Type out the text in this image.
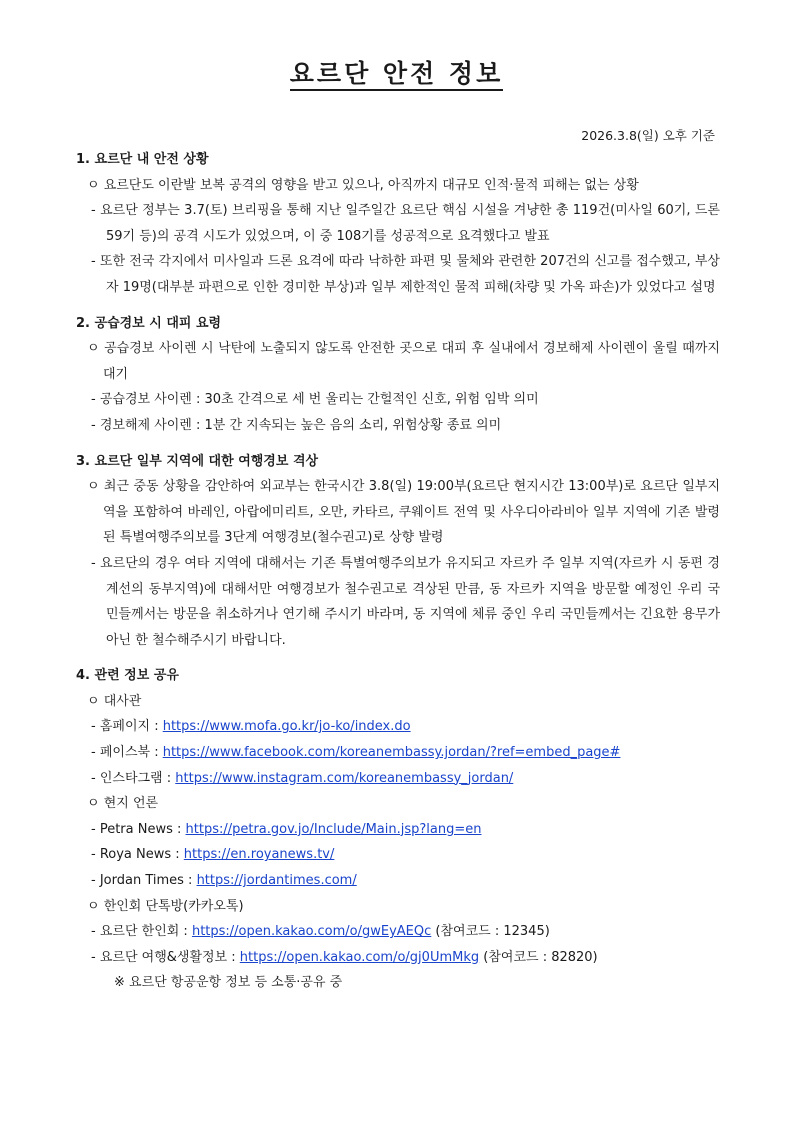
요르단 안전 정보
2026.3.8(일) 오후 기준
1. 요르단 내 안전 상황
ㅇ 요르단도 이란발 보복 공격의 영향을 받고 있으나, 아직까지 대규모 인적·물적 피해는 없는 상황
- 요르단 정부는 3.7(토) 브리핑을 통해 지난 일주일간 요르단 핵심 시설을 겨냥한 총 119건(미사일 60기, 드론 59기 등)의 공격 시도가 있었으며, 이 중 108기를 성공적으로 요격했다고 발표
- 또한 전국 각지에서 미사일과 드론 요격에 따라 낙하한 파편 및 물체와 관련한 207건의 신고를 접수했고, 부상자 19명(대부분 파편으로 인한 경미한 부상)과 일부 제한적인 물적 피해(차량 및 가옥 파손)가 있었다고 설명
2. 공습경보 시 대피 요령
ㅇ 공습경보 사이렌 시 낙탄에 노출되지 않도록 안전한 곳으로 대피 후 실내에서 경보해제 사이렌이 울릴 때까지 대기
- 공습경보 사이렌 : 30초 간격으로 세 번 울리는 간헐적인 신호, 위험 임박 의미
- 경보해제 사이렌 : 1분 간 지속되는 높은 음의 소리, 위험상황 종료 의미
3. 요르단 일부 지역에 대한 여행경보 격상
ㅇ 최근 중동 상황을 감안하여 외교부는 한국시간 3.8(일) 19:00부(요르단 현지시간 13:00부)로 요르단 일부지역을 포함하여 바레인, 아랍에미리트, 오만, 카타르, 쿠웨이트 전역 및 사우디아라비아 일부 지역에 기존 발령된 특별여행주의보를 3단계 여행경보(철수권고)로 상향 발령
- 요르단의 경우 여타 지역에 대해서는 기존 특별여행주의보가 유지되고 자르카 주 일부 지역(자르카 시 동편 경계선의 동부지역)에 대해서만 여행경보가 철수권고로 격상된 만큼, 동 자르카 지역을 방문할 예정인 우리 국민들께서는 방문을 취소하거나 연기해 주시기 바라며, 동 지역에 체류 중인 우리 국민들께서는 긴요한 용무가 아닌 한 철수해주시기 바랍니다.
4. 관련 정보 공유
ㅇ 대사관
- 홈페이지 : https://www.mofa.go.kr/jo-ko/index.do
- 페이스북 : https://www.facebook.com/koreanembassy.jordan/?ref=embed_page#
- 인스타그램 : https://www.instagram.com/koreanembassy_jordan/
ㅇ 현지 언론
- Petra News : https://petra.gov.jo/Include/Main.jsp?lang=en
- Roya News : https://en.royanews.tv/
- Jordan Times : https://jordantimes.com/
ㅇ 한인회 단톡방(카카오톡)
- 요르단 한인회 : https://open.kakao.com/o/gwEyAEQc (참여코드 : 12345)
- 요르단 여행&생활정보 : https://open.kakao.com/o/gj0UmMkg (참여코드 : 82820)
※ 요르단 항공운항 정보 등 소통·공유 중
